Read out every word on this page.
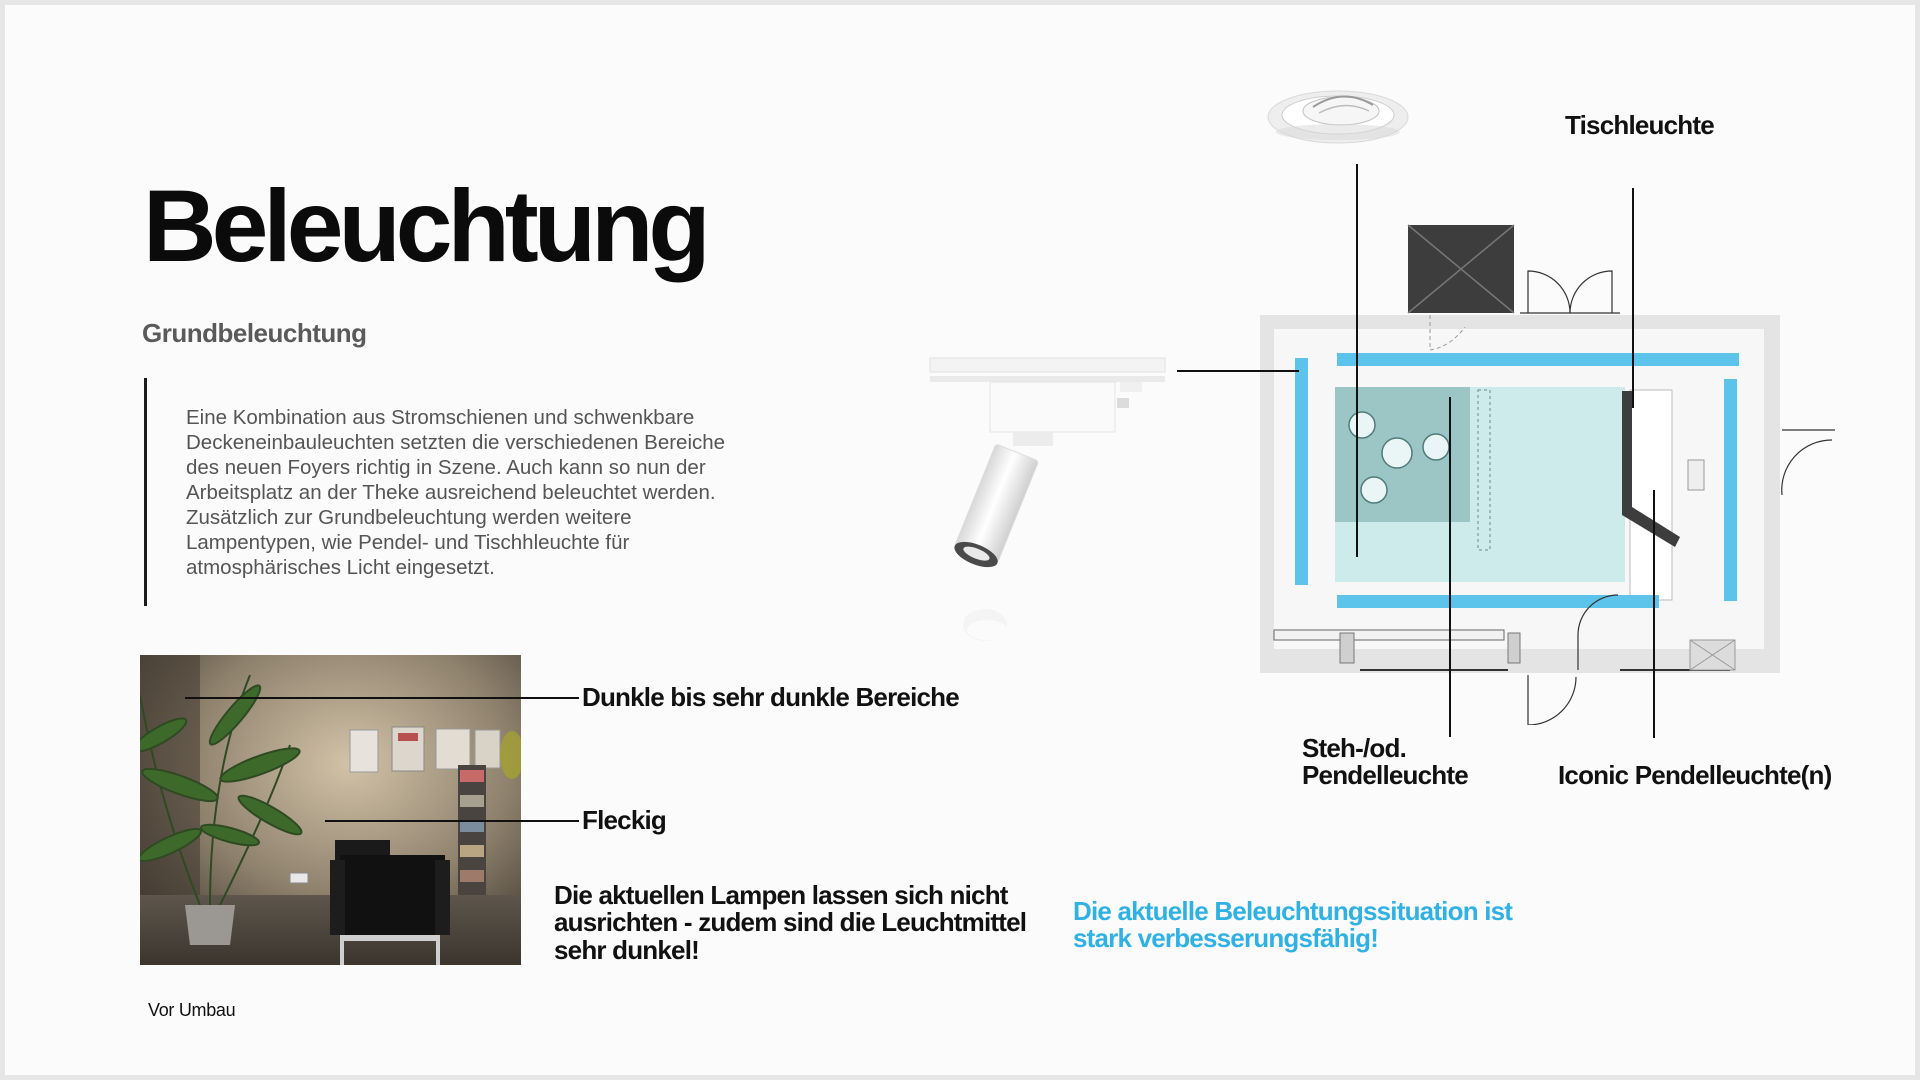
Beleuchtung
Grundbeleuchtung
Eine Kombination aus Stromschienen und schwenkbare
Deckeneinbauleuchten setzten die verschiedenen Bereiche
des neuen Foyers richtig in Szene. Auch kann so nun der
Arbeitsplatz an der Theke ausreichend beleuchtet werden.
Zusätzlich zur Grundbeleuchtung werden weitere
Lampentypen, wie Pendel- und Tischhleuchte für
atmosphärisches Licht eingesetzt.
Tischleuchte
Steh-/od.
Pendelleuchte	Iconic Pendelleuchte(n)
Dunkle bis sehr dunkle Bereiche
Fleckig
Die aktuellen Lampen lassen sich nicht
ausrichten - zudem sind die Leuchtmittel
sehr dunkel!
Die aktuelle Beleuchtungssituation ist
stark verbesserungsfähig!
Vor Umbau
